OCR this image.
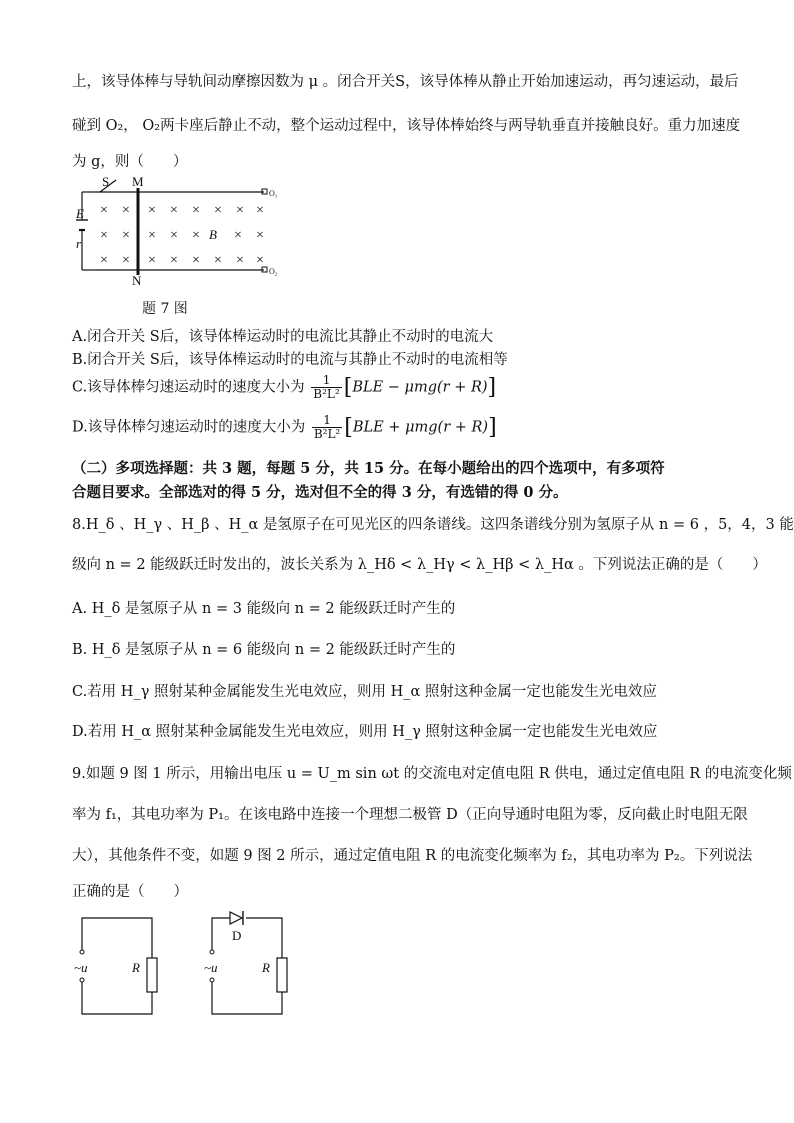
上，该导体棒与导轨间动摩擦因数为 μ 。闭合开关S，该导体棒从静止开始加速运动，再匀速运动，最后
碰到 O₂， O₂两卡座后静止不动，整个运动过程中，该导体棒始终与两导轨垂直并接触良好。重力加速度
为 g，则（　　）
× × × × × × × ×
× × × × × × ×
× × × × × × × ×
B
S M
N
E
r
O₁
O₂
题 7 图
A.闭合开关 S后，该导体棒运动时的电流比其静止不动时的电流大
B.闭合开关 S后，该导体棒运动时的电流与其静止不动时的电流相等
C.该导体棒匀速运动时的速度大小为 $\frac{1}{\text{B²L²}} [BLE - \mu mg(r + R)]$
D.该导体棒匀速运动时的速度大小为 $\frac{1}{\text{B²L²}} [BLE + \mu mg(r + R)]$
（二）多项选择题：共 3 题，每题 5 分，共 15 分。在每小题给出的四个选项中，有多项符
合题目要求。全部选对的得 5 分，选对但不全的得 3 分，有选错的得 0 分。
8.H_δ 、H_γ 、H_β 、H_α 是氢原子在可见光区的四条谱线。这四条谱线分别为氢原子从 n = 6 ，5，4，3 能
级向 n = 2 能级跃迁时发出的，波长关系为 λ_Hδ < λ_Hγ < λ_Hβ < λ_Hα 。下列说法正确的是（　　）
A. H_δ 是氢原子从 n = 3 能级向 n = 2 能级跃迁时产生的
B. H_δ 是氢原子从 n = 6 能级向 n = 2 能级跃迁时产生的
C.若用 H_γ 照射某种金属能发生光电效应，则用 H_α 照射这种金属一定也能发生光电效应
D.若用 H_α 照射某种金属能发生光电效应，则用 H_γ 照射这种金属一定也能发生光电效应
9.如题 9 图 1 所示，用输出电压 u = U_m sin ωt 的交流电对定值电阻 R 供电，通过定值电阻 R 的电流变化频
率为 f₁，其电功率为 P₁。在该电路中连接一个理想二极管 D（正向导通时电阻为零，反向截止时电阻无限
大），其他条件不变，如题 9 图 2 所示，通过定值电阻 R 的电流变化频率为 f₂，其电功率为 P₂。下列说法
正确的是（　　）
~u	R
D
~u	R
